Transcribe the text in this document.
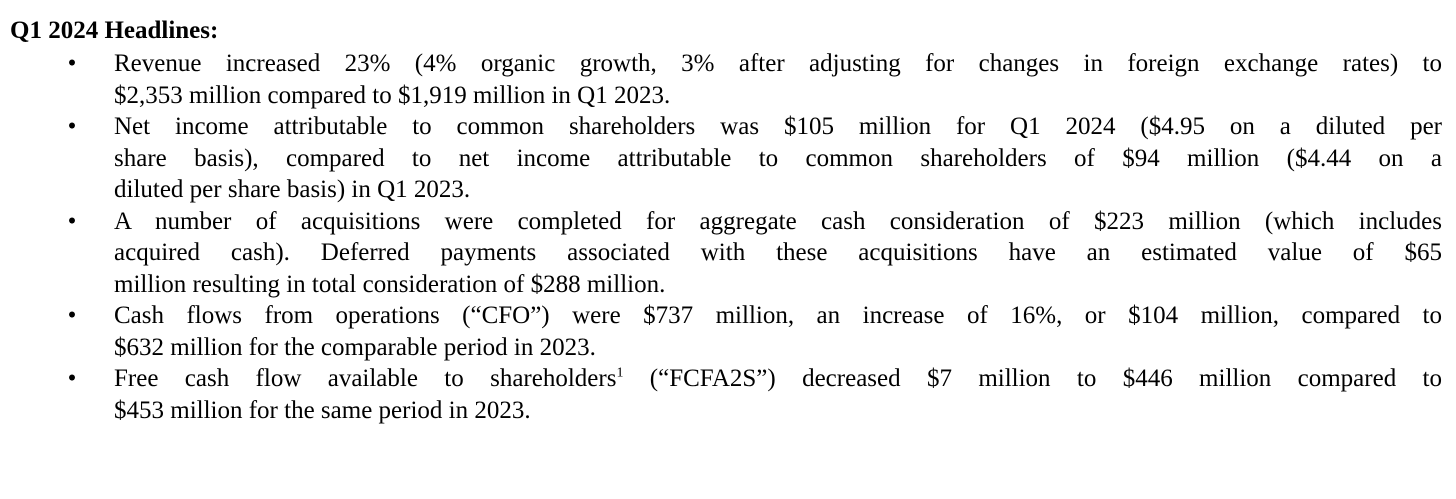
Q1 2024 Headlines:

•
Revenue increased 23% (4% organic growth, 3% after adjusting for changes in foreign exchange rates) to
$2,353 million compared to $1,919 million in Q1 2023.
•
Net income attributable to common shareholders was $105 million for Q1 2024 ($4.95 on a diluted per
share basis), compared to net income attributable to common shareholders of $94 million ($4.44 on a
diluted per share basis) in Q1 2023.
•
A number of acquisitions were completed for aggregate cash consideration of $223 million (which includes
acquired cash). Deferred payments associated with these acquisitions have an estimated value of $65
million resulting in total consideration of $288 million.
•
Cash flows from operations (“CFO”) were $737 million, an increase of 16%, or $104 million, compared to
$632 million for the comparable period in 2023.
•
Free cash flow available to shareholders$^1$ (“FCFA2S”) decreased $7 million to $446 million compared to
$453 million for the same period in 2023.
